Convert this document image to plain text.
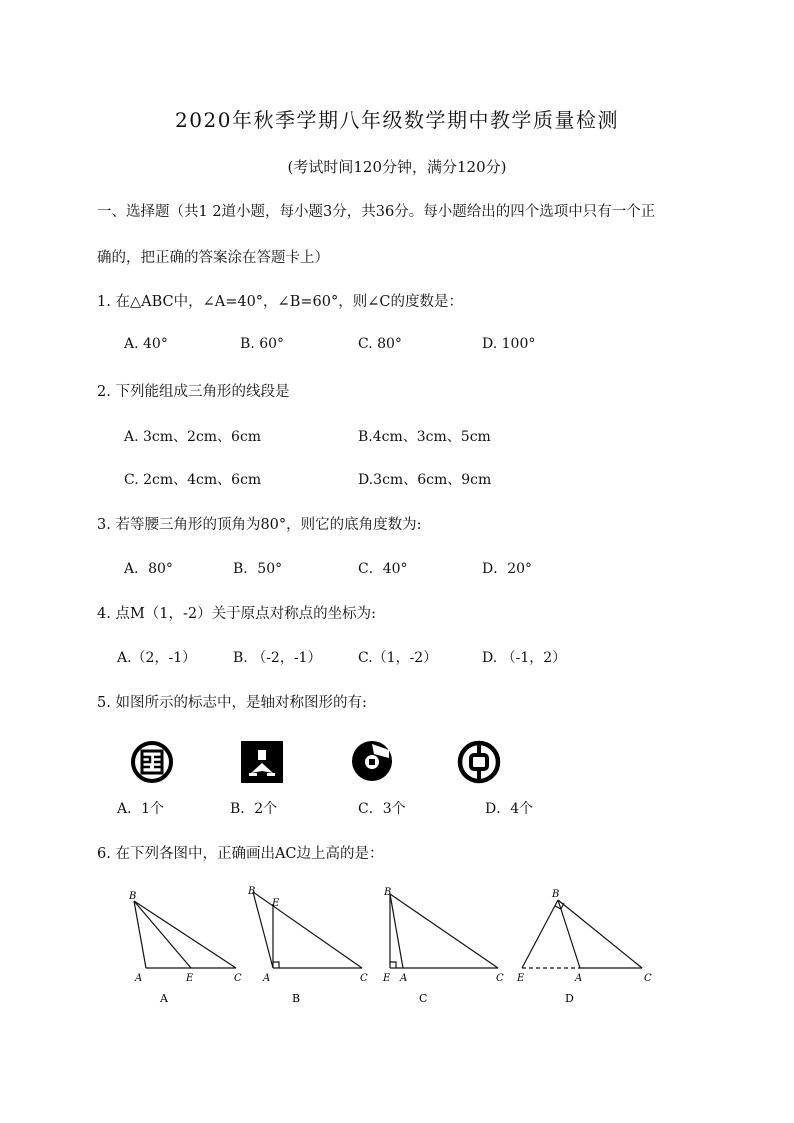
2020年秋季学期八年级数学期中教学质量检测
(考试时间120分钟，满分120分)
一、选择题（共1 2道小题，每小题3分，共36分。每小题给出的四个选项中只有一个正
确的，把正确的答案涂在答题卡上）
1. 在△ABC中，∠A=40°，∠B=60°，则∠C的度数是：
A. 40°	B. 60°	C. 80°	D. 100°
2. 下列能组成三角形的线段是
A. 3cm、2cm、6cm	B.4cm、3cm、5cm
C. 2cm、4cm、6cm	D.3cm、6cm、9cm
3. 若等腰三角形的顶角为80°，则它的底角度数为:
A．80°	B．50°	C．40°	D．20°
4. 点M（1，-2）关于原点对称点的坐标为:
A.（2，-1）	B. （-2，-1）	C.（1，-2）	D. （-1，2）
5. 如图所示的标志中，是轴对称图形的有:
A．1个	B．2个	C．3个	D．4个
6. 在下列各图中，正确画出AC边上高的是：
B
A	E	C
A
B
E
A	C
B
B
E A	C
C
B
E	A	C
D
